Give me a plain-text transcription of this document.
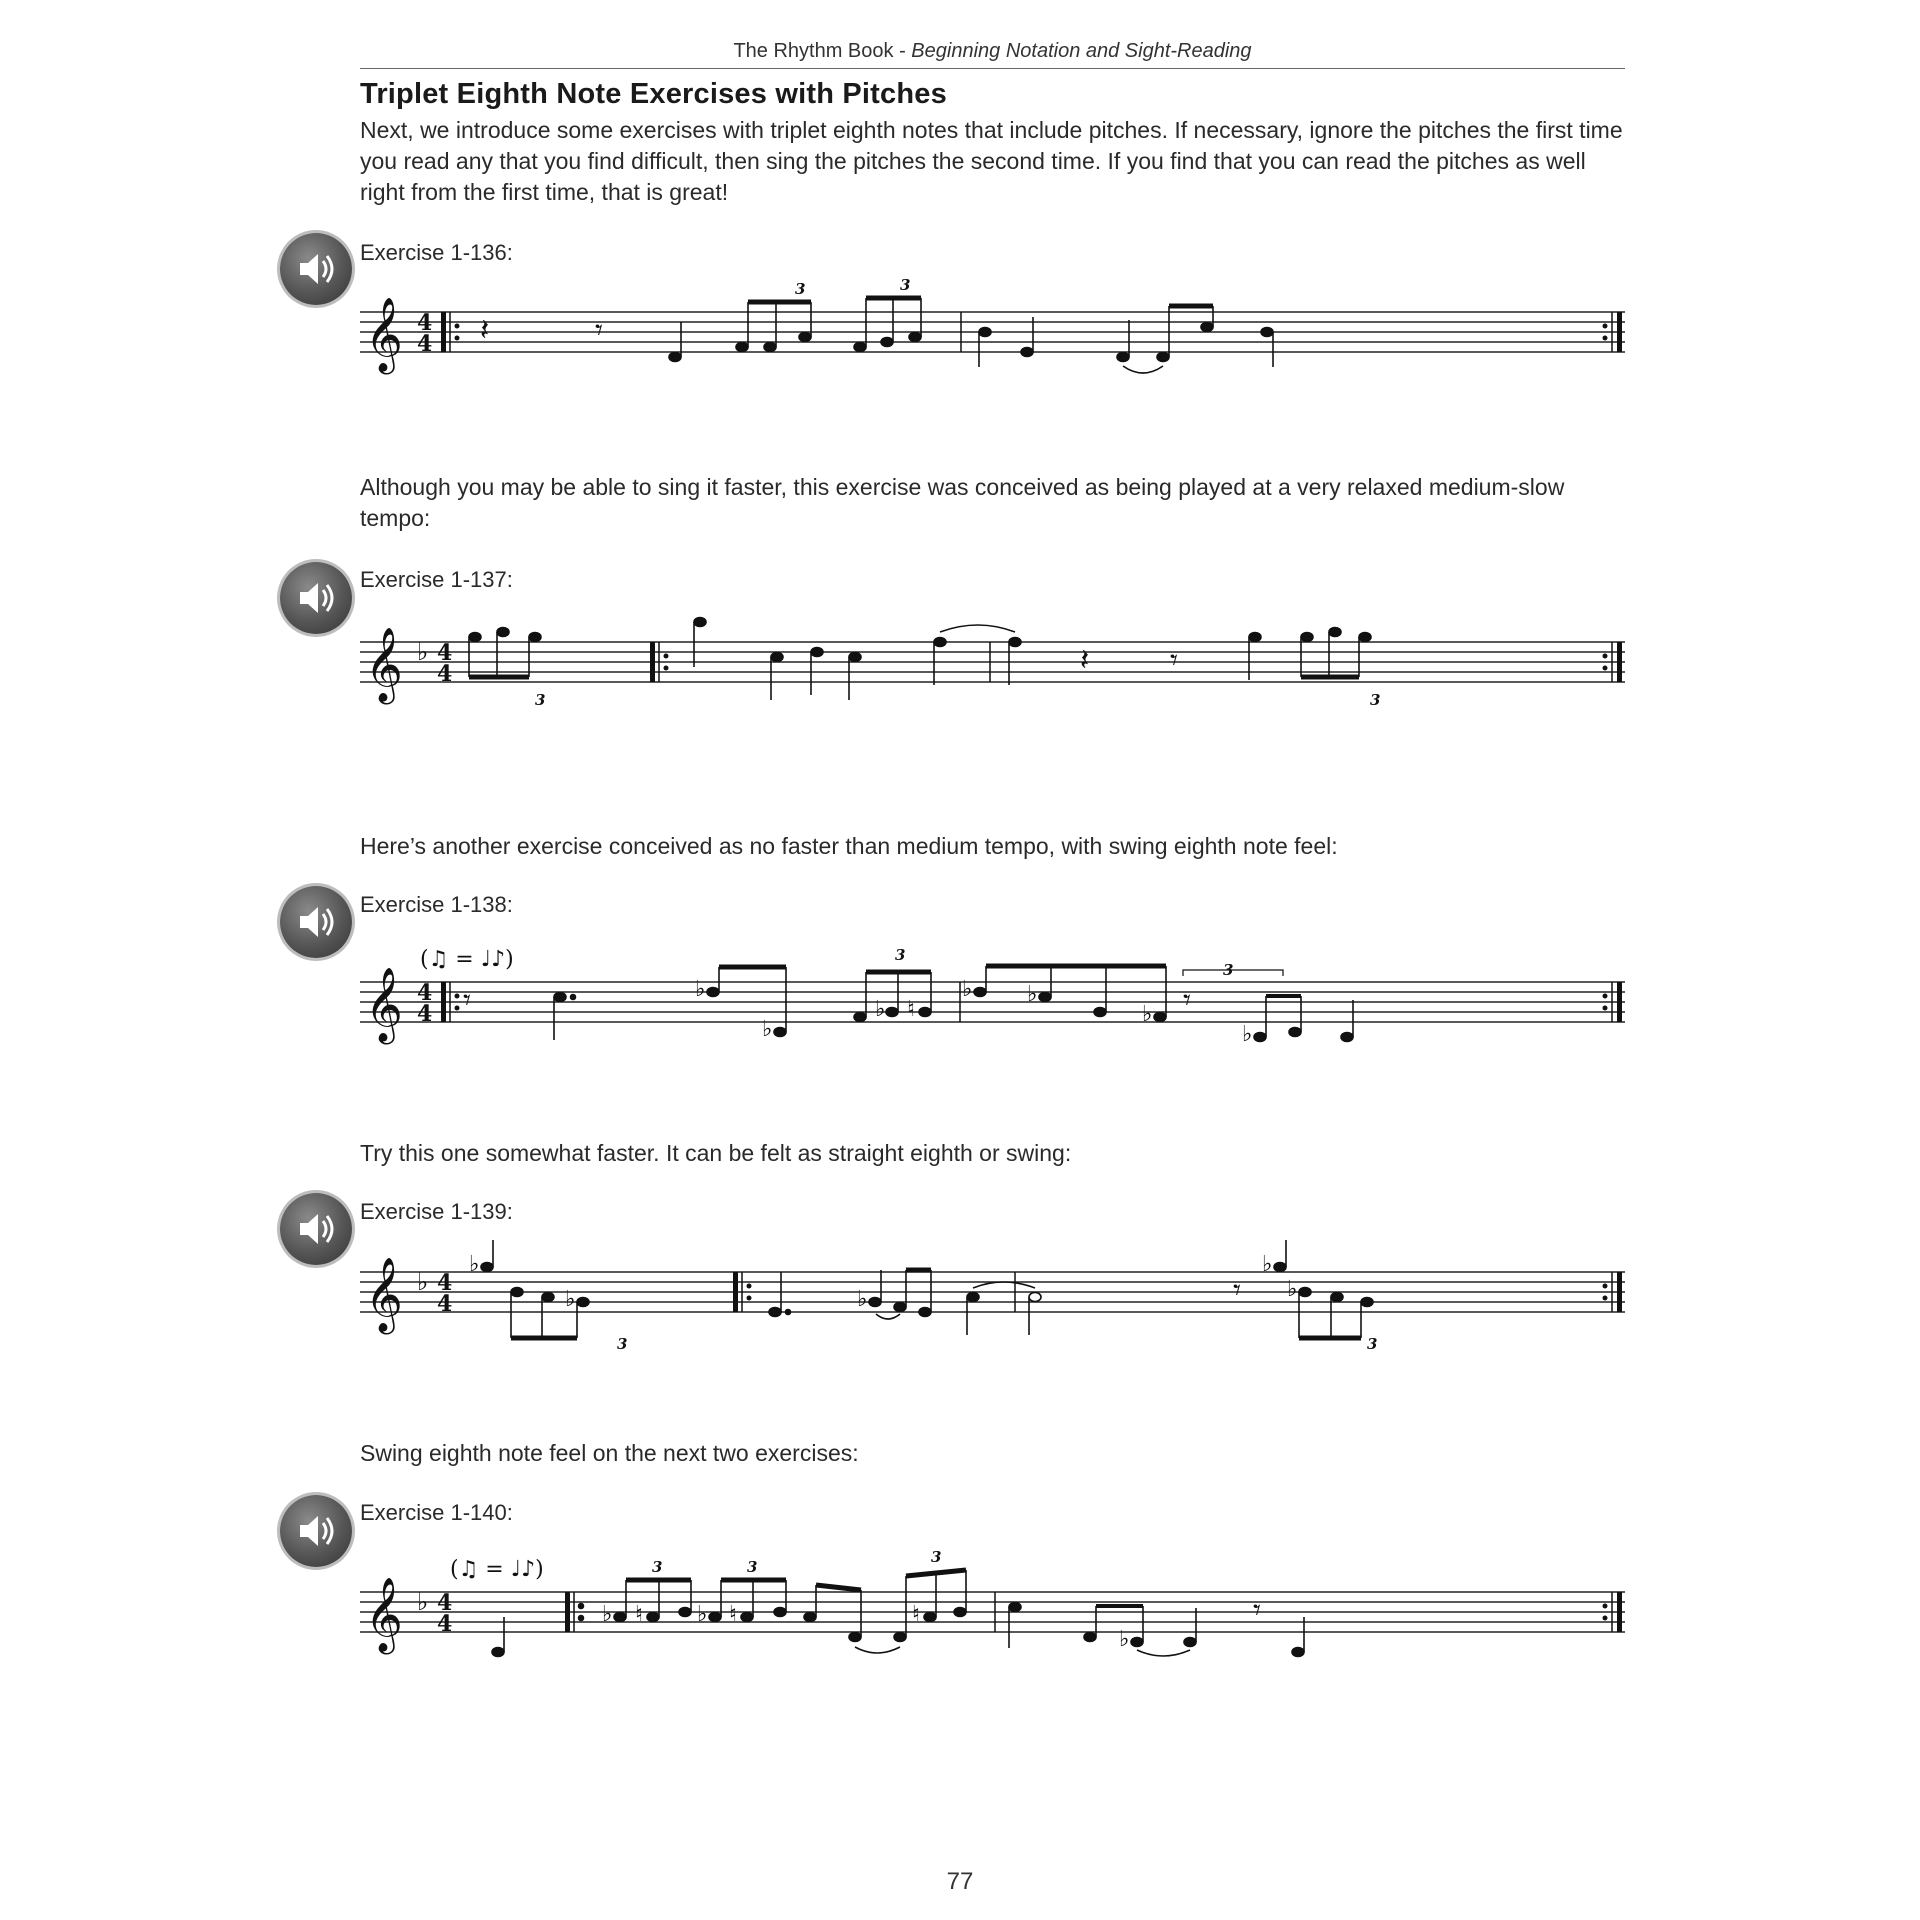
The Rhythm Book - Beginning Notation and Sight-Reading
Triplet Eighth Note Exercises with Pitches

Next, we introduce some exercises with triplet eighth notes that include pitches. If necessary, ignore the pitches the first time you read any that you find difficult, then sing the pitches the second time. If you find that you can read the pitches as well right from the first time, that is great!

Exercise 1-136:
𝄞 4
4 𝄽	𝄾
3	3

Although you may be able to sing it faster, this exercise was conceived as being played at a very relaxed medium-slow tempo:

Exercise 1-137:
𝄞 ♭ 4
4
3
𝄽	𝄾
3

Here’s another exercise conceived as no faster than medium tempo, with swing eighth note feel:

Exercise 1-138:
(♫ = ♩♪)
𝄞 4
4 𝄾	♭
♭
♭ ♮
♭ ♭
♭
♭
3
𝄾
3

Try this one somewhat faster. It can be felt as straight eighth or swing:

Exercise 1-139:
𝄞 ♭ 4
4
♭
♭
3
♭
♭
♭
𝄾
3

Swing eighth note feel on the next two exercises:

Exercise 1-140:
(♫ = ♩♪)
𝄞 ♭ 4
4	♭ ♮ ♭ ♮	♮
♭
3	3
3
𝄾
77
